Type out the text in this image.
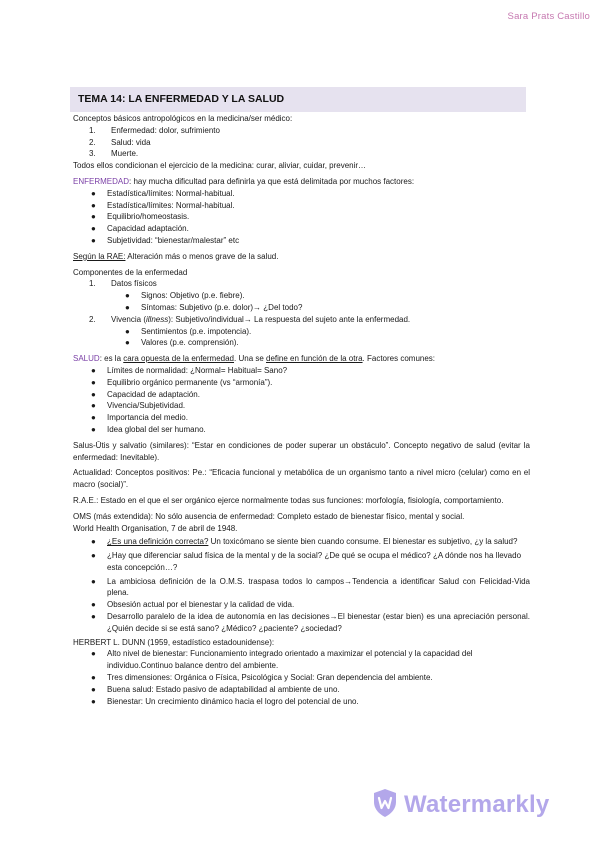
Sara Prats Castillo
TEMA 14: LA ENFERMEDAD Y LA SALUD

Conceptos básicos antropológicos en la medicina/ser médico:

1.	Enfermedad: dolor, sufrimiento
2.	Salud: vida
3.	Muerte.

Todos ellos condicionan el ejercicio de la medicina: curar, aliviar, cuidar, prevenir…

ENFERMEDAD: hay mucha dificultad para definirla ya que está delimitada por muchos factores:

●	Estadística/límites: Normal-habitual.
●	Estadística/límites: Normal-habitual.
●	Equilibrio/homeostasis.
●	Capacidad adaptación.
●	Subjetividad: “bienestar/malestar” etc

Según la RAE: Alteración más o menos grave de la salud.

Componentes de la enfermedad

1.	Datos físicos
●	Signos: Objetivo (p.e. fiebre).
●	Síntomas: Subjetivo (p.e. dolor)→ ¿Del todo?
2.	Vivencia (illness): Subjetivo/individual→ La respuesta del sujeto ante la enfermedad.
●	Sentimientos (p.e. impotencia).
●	Valores (p.e. comprensión).

SALUD: es la cara opuesta de la enfermedad. Una se define en función de la otra. Factores comunes:

●	Límites de normalidad: ¿Normal= Habitual= Sano?
●	Equilibrio orgánico permanente (vs “armonía”).
●	Capacidad de adaptación.
●	Vivencia/Subjetividad.
●	Importancia del medio.
●	Idea global del ser humano.

Salus-Ūtis y salvatio (similares): “Estar en condiciones de poder superar un obstáculo”. Concepto negativo de salud (evitar la enfermedad: Inevitable).

Actualidad: Conceptos positivos: Pe.: “Eficacia funcional y metabólica de un organismo tanto a nivel micro (celular) como en el macro (social)”.

R.A.E.: Estado en el que el ser orgánico ejerce normalmente todas sus funciones: morfología, fisiología, comportamiento.

OMS (más extendida): No sólo ausencia de enfermedad: Completo estado de bienestar físico, mental y social.

World Health Organisation, 7 de abril de 1948.

●	¿Es una definición correcta? Un toxicómano se siente bien cuando consume. El bienestar es subjetivo, ¿y la salud?
●	¿Hay que diferenciar salud física de la mental y de la social? ¿De qué se ocupa el médico? ¿A dónde nos ha llevado esta concepción…?
●	La ambiciosa definición de la O.M.S. traspasa todos lo campos→Tendencia a identificar Salud con Felicidad-Vida plena.
●	Obsesión actual por el bienestar y la calidad de vida.
●	Desarrollo paralelo de la idea de autonomía en las decisiones→El bienestar (estar bien) es una apreciación personal. ¿Quién decide si se está sano? ¿Médico? ¿paciente? ¿sociedad?

HERBERT L. DUNN (1959, estadístico estadounidense):

●	Alto nivel de bienestar: Funcionamiento integrado orientado a maximizar el potencial y la capacidad del individuo.Continuo balance dentro del ambiente.
●	Tres dimensiones: Orgánica o Física, Psicológica y Social: Gran dependencia del ambiente.
●	Buena salud: Estado pasivo de adaptabilidad al ambiente de uno.
●	Bienestar: Un crecimiento dinámico hacia el logro del potencial de uno.
Watermarkly
